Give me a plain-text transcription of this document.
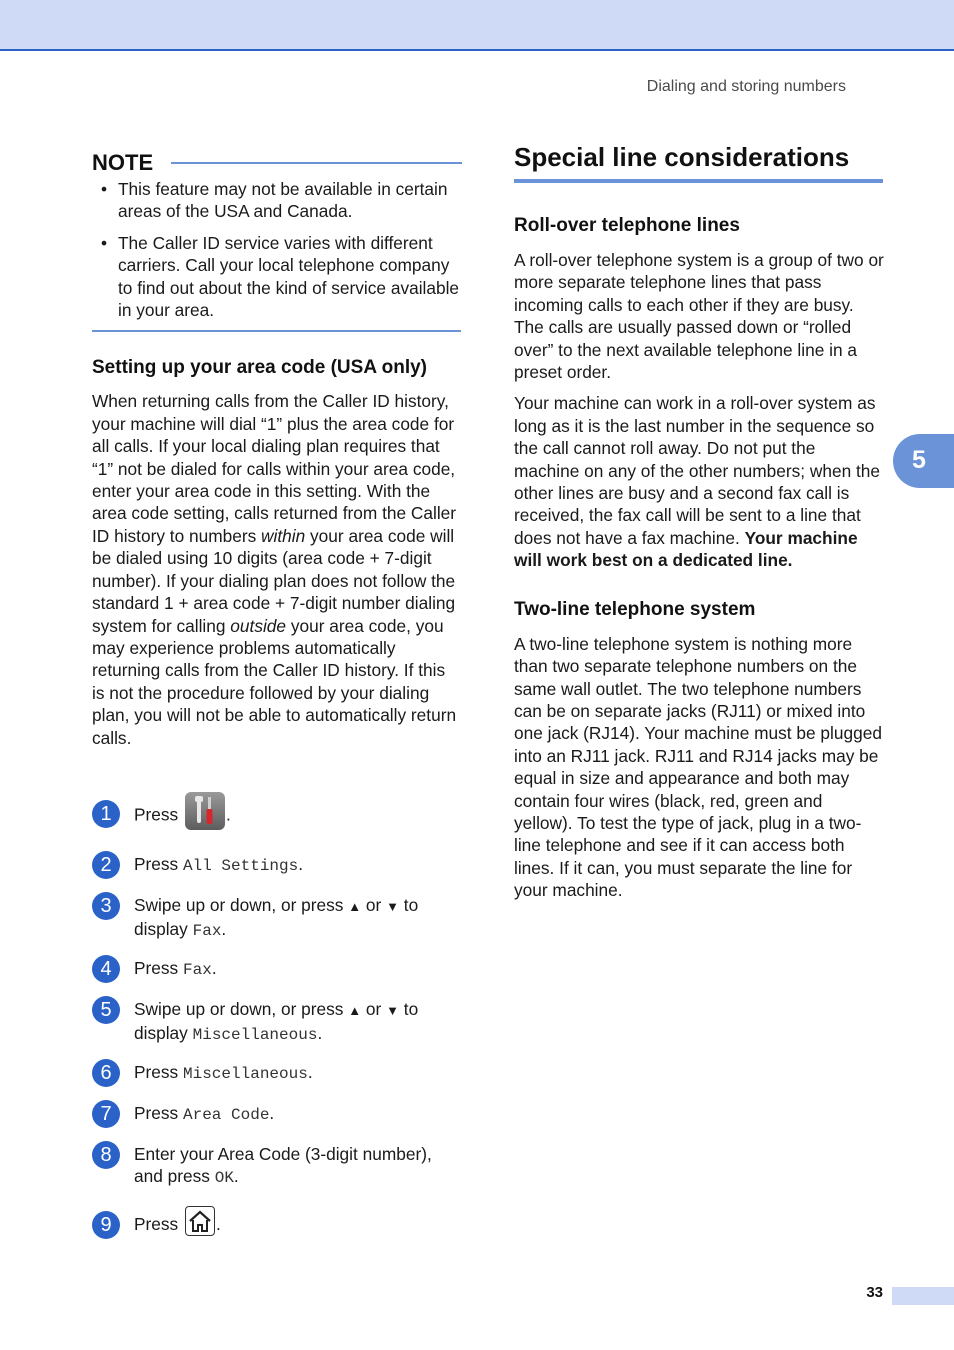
Dialing and storing numbers
NOTE
• This feature may not be available in certain areas of the USA and Canada.
• The Caller ID service varies with different carriers. Call your local telephone company to find out about the kind of service available in your area.
Setting up your area code (USA only)

When returning calls from the Caller ID history, your machine will dial “1” plus the area code for all calls. If your local dialing plan requires that “1” not be dialed for calls within your area code, enter your area code in this setting. With the area code setting, calls returned from the Caller ID history to numbers within your area code will be dialed using 10 digits (area code + 7-digit number). If your dialing plan does not follow the standard 1 + area code + 7-digit number dialing system for calling outside your area code, you may experience problems automatically returning calls from the Caller ID history. If this is not the procedure followed by your dialing plan, you will not be able to automatically return calls.

1	Press	.
2	Press All Settings.
3	Swipe up or down, or press ▲ or ▼ to display Fax.
4	Press Fax.
5	Swipe up or down, or press ▲ or ▼ to display Miscellaneous.
6	Press Miscellaneous.
7	Press Area Code.
8	Enter your Area Code (3-digit number), and press OK.
9	Press .
Special line considerations
Roll-over telephone lines

A roll-over telephone system is a group of two or more separate telephone lines that pass incoming calls to each other if they are busy. The calls are usually passed down or “rolled over” to the next available telephone line in a preset order.

Your machine can work in a roll-over system as long as it is the last number in the sequence so the call cannot roll away. Do not put the machine on any of the other numbers; when the other lines are busy and a second fax call is received, the fax call will be sent to a line that does not have a fax machine. Your machine will work best on a dedicated line.

Two-line telephone system

A two-line telephone system is nothing more than two separate telephone numbers on the same wall outlet. The two telephone numbers can be on separate jacks (RJ11) or mixed into one jack (RJ14). Your machine must be plugged into an RJ11 jack. RJ11 and RJ14 jacks may be equal in size and appearance and both may contain four wires (black, red, green and yellow). To test the type of jack, plug in a two-line telephone and see if it can access both lines. If it can, you must separate the line for your machine.

5
33
